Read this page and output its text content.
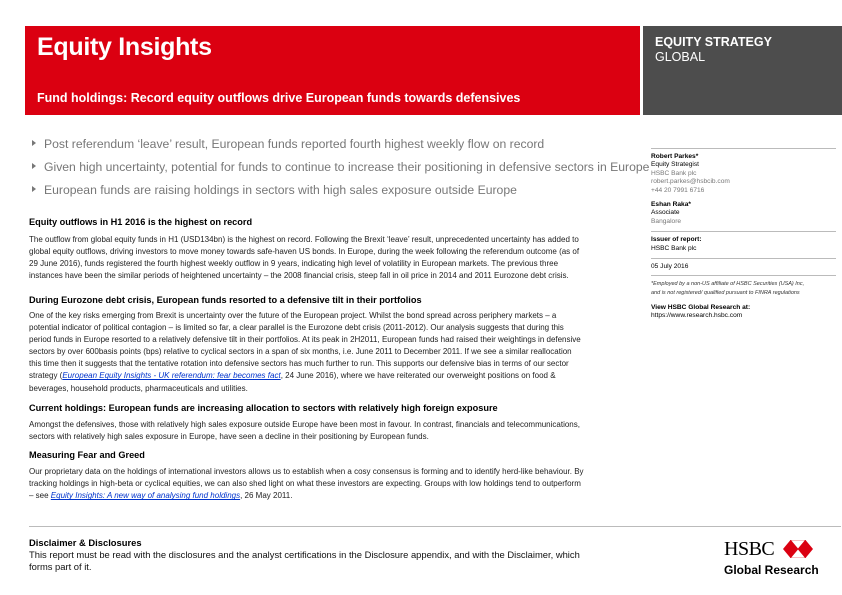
Equity Insights
Fund holdings: Record equity outflows drive European funds towards defensives
EQUITY STRATEGY
GLOBAL
Post referendum ‘leave’ result, European funds reported fourth highest weekly flow on record
Given high uncertainty, potential for funds to continue to increase their positioning in defensive sectors in Europe
European funds are raising holdings in sectors with high sales exposure outside Europe
Equity outflows in H1 2016 is the highest on record

The outflow from global equity funds in H1 (USD134bn) is the highest on record. Following the Brexit ‘leave’ result, unprecedented uncertainty has added to
global equity outflows, driving investors to move money towards safe-haven US bonds. In Europe, during the week following the referendum outcome (as of
29 June 2016), funds registered the fourth highest weekly outflow in 9 years, indicating high level of volatility in European markets. The previous three
instances have been the similar periods of heightened uncertainty – the 2008 financial crisis, steep fall in oil price in 2014 and 2011 Eurozone debt crisis.

During Eurozone debt crisis, European funds resorted to a defensive tilt in their portfolios

One of the key risks emerging from Brexit is uncertainty over the future of the European project. Whilst the bond spread across periphery markets – a
potential indicator of political contagion – is limited so far, a clear parallel is the Eurozone debt crisis (2011-2012). Our analysis suggests that during this
period funds in Europe resorted to a relatively defensive tilt in their portfolios. At its peak in 2H2011, European funds had raised their weightings in defensive
sectors by over 600basis points (bps) relative to cyclical sectors in a span of six months, i.e. June 2011 to December 2011. If we see a similar reallocation
this time then it suggests that the tentative rotation into defensive sectors has much further to run. This supports our defensive bias in terms of our sector
strategy (European Equity Insights - UK referendum: fear becomes fact, 24 June 2016), where we have reiterated our overweight positions on food &
beverages, household products, pharmaceuticals and utilities.

Current holdings: European funds are increasing allocation to sectors with relatively high foreign exposure

Amongst the defensives, those with relatively high sales exposure outside Europe have been most in favour. In contrast, financials and telecommunications,
sectors with relatively high sales exposure in Europe, have seen a decline in their positioning by European funds.

Measuring Fear and Greed

Our proprietary data on the holdings of international investors allows us to establish when a cosy consensus is forming and to identify herd-like behaviour. By
tracking holdings in high-beta or cyclical equities, we can also shed light on what these investors are expecting. Groups with low holdings tend to outperform
– see Equity Insights: A new way of analysing fund holdings, 26 May 2011.

Robert Parkes*
Equity Strategist
HSBC Bank plc
robert.parkes@hsbcib.com
+44 20 7991 6716
Eshan Raka*
Associate
Bangalore
Issuer of report:
HSBC Bank plc
05 July 2016
*Employed by a non-US affiliate of HSBC Securities (USA) Inc,
and is not registered/ qualified pursuant to FINRA regulations
View HSBC Global Research at:
https://www.research.hsbc.com
Disclaimer & Disclosures
This report must be read with the disclosures and the analyst certifications in the Disclosure appendix, and with the Disclaimer, which
forms part of it.
HSBC
Global Research
